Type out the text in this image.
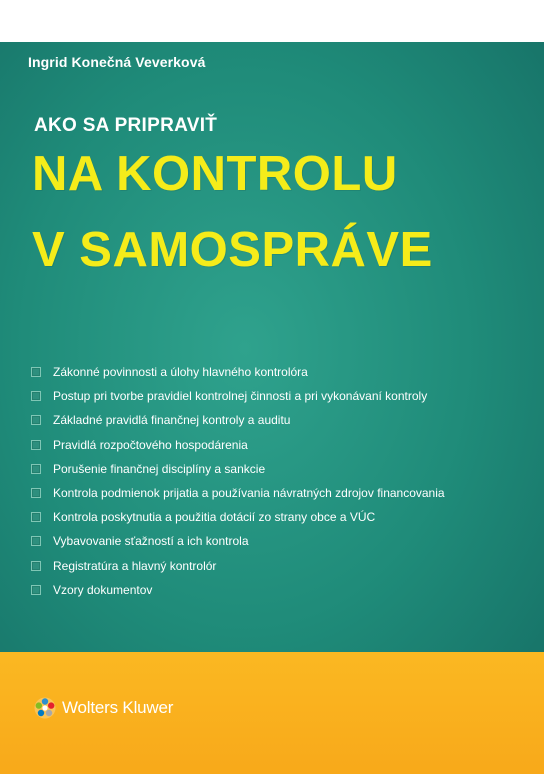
Ingrid Konečná Veverková
AKO SA PRIPRAVIŤ
NA KONTROLU
V SAMOSPRÁVE
Zákonné povinnosti a úlohy hlavného kontrolóra
Postup pri tvorbe pravidiel kontrolnej činnosti a pri vykonávaní kontroly
Základné pravidlá finančnej kontroly a auditu
Pravidlá rozpočtového hospodárenia
Porušenie finančnej disciplíny a sankcie
Kontrola podmienok prijatia a používania návratných zdrojov financovania
Kontrola poskytnutia a použitia dotácií zo strany obce a VÚC
Vybavovanie sťažností a ich kontrola
Registratúra a hlavný kontrolór
Vzory dokumentov
Wolters Kluwer
